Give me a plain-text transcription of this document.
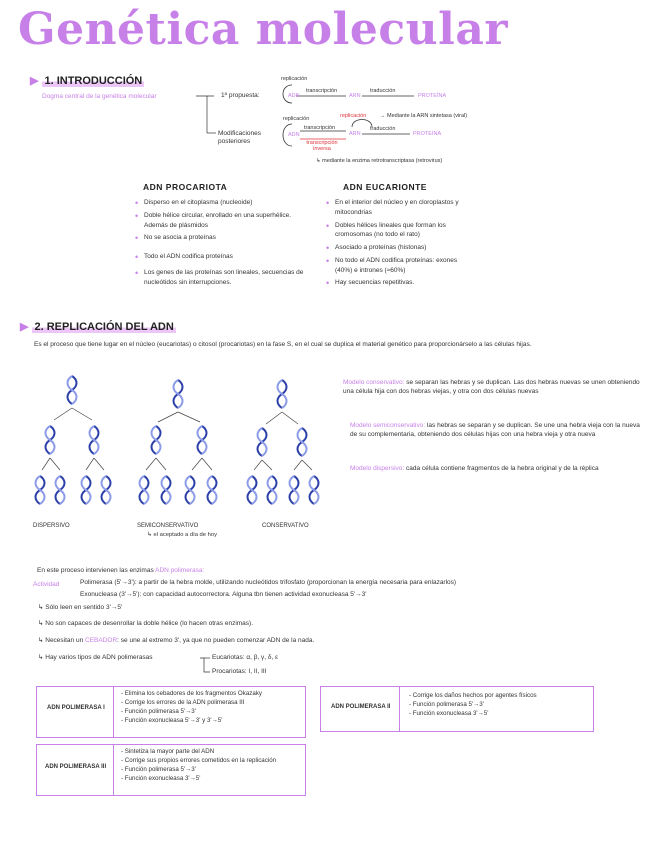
Genética molecular
▶ 1. INTRODUCCIÓN
Dogma central de la genética molecular	1ª propuesta:
Modificaciones posteriores
replicación
transcripción
ADN	ARN
traducción
PROTEÍNA
replicación	replicación → Mediante la ARN sintetasa (viral)
ADN
transcripción
ARN
transcripción inversa
traducción
PROTEÍNA
↳ mediante la enzima retrotranscriptasa (retrovirus)
ADN PROCARIOTA
• Disperso en el citoplasma (nucleoide)
• Doble hélice circular, enrollado en una superhélice. Además de plásmidos
• No se asocia a proteínas
• Todo el ADN codifica proteínas
• Los genes de las proteínas son lineales, secuencias de nucleótidos sin interrupciones.
ADN EUCARIONTE
• En el interior del núcleo y en cloroplastos y mitocondrias
• Dobles hélices lineales que forman los cromosomas (no todo el rato)
• Asociado a proteínas (histonas)
• No todo el ADN codifica proteínas: exones (40%) e intrones (≈60%)
• Hay secuencias repetitivas.
▶ 2. REPLICACIÓN DEL ADN
Es el proceso que tiene lugar en el núcleo (eucariotas) o citosol (procariotas) en la fase S, en el cual se duplica el material genético para proporcionárselo a las células hijas.
DISPERSIVO	SEMICONSERVATIVO
↳ el aceptado a día de hoy
CONSERVATIVO
Modelo conservativo: se separan las hebras y se duplican. Las dos hebras nuevas se unen obteniendo una célula hija con dos hebras viejas, y otra con dos células nuevas
Modelo semiconservativo: las hebras se separan y se duplican. Se une una hebra vieja con la nueva de su complementaria, obteniendo dos células hijas con una hebra vieja y otra nueva
Modelo dispersivo: cada célula contiene fragmentos de la hebra original y de la réplica
En este proceso intervienen las enzimas ADN polimerasa:
Actividad	Polimerasa (5'→3'): a partir de la hebra molde, utilizando nucleótidos trifosfato (proporcionan la energía necesaria para enlazarlos)
Exonucleasa (3'→5'): con capacidad autocorrectora. Alguna tbn tienen actividad exonucleasa 5'→3'
↳ Sólo leen en sentido 3'→5'
↳ No son capaces de desenrollar la doble hélice (lo hacen otras enzimas).
↳ Necesitan un CEBADOR: se une al extremo 3', ya que no pueden comenzar ADN de la nada.
↳ Hay varios tipos de ADN polimerasas	Eucariotas: α, β, γ, δ, ε
Procariotas: I, II, III
ADN POLIMERASA I
- Elimina los cebadores de los fragmentos Okazaky
- Corrige los errores de la ADN polimerasa III
- Función polimerasa 5'→3'
- Función exonucleasa 5'→3' y 3'→5'
ADN POLIMERASA II
- Corrige los daños hechos por agentes físicos
- Función polimerasa 5'→3'
- Función exonucleasa 3'→5'
ADN POLIMERASA III
- Sintetiza la mayor parte del ADN
- Corrige sus propios errores cometidos en la replicación
- Función polimerasa 5'→3'
- Función exonucleasa 3'→5'
